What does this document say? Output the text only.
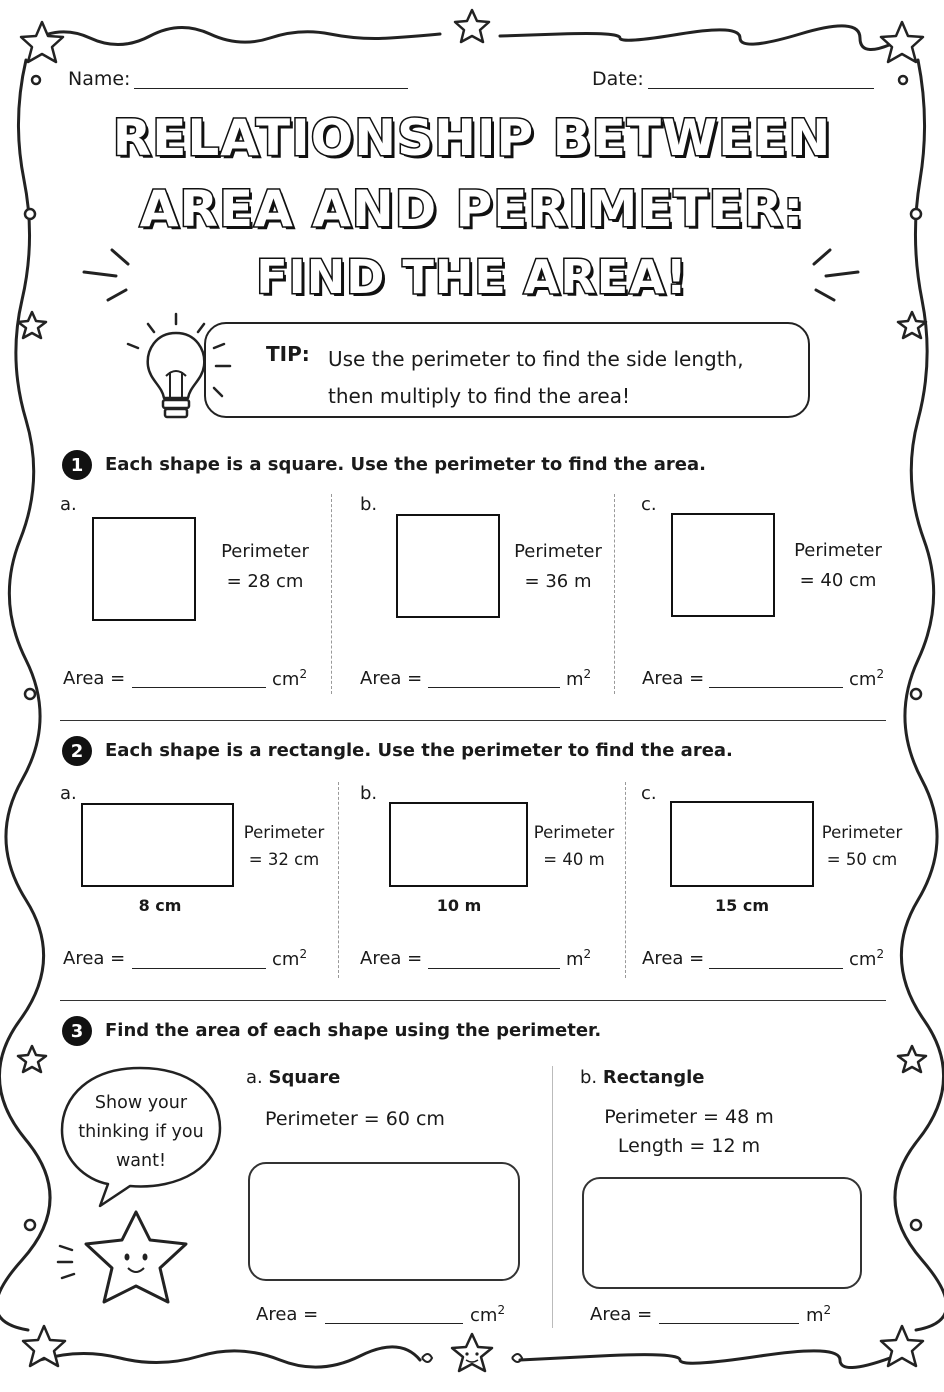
Name:	Date:
RELATIONSHIP BETWEEN
AREA AND PERIMETER:
FIND THE AREA!
TIP: Use the perimeter to find the side length,
then multiply to find the area!
1	Each shape is a square. Use the perimeter to find the area.
a.
Perimeter
= 28 cm
Area =	$cm^2$
b.
Perimeter
= 36 m
Area =	$m^2$
c.
Perimeter
= 40 cm
Area =	$cm^2$
2	Each shape is a rectangle. Use the perimeter to find the area.
a.
Perimeter
= 32 cm
8 cm
Area =	$cm^2$
b.
Perimeter
= 40 m
10 m
Area =	$m^2$
c.
Perimeter
= 50 cm
15 cm
Area =	$cm^2$
3	Find the area of each shape using the perimeter.
Show your
thinking if you
want!
a. Square
Perimeter = 60 cm
Area =	$cm^2$
b. Rectangle
Perimeter = 48 m
Length = 12 m
Area =	$m^2$
